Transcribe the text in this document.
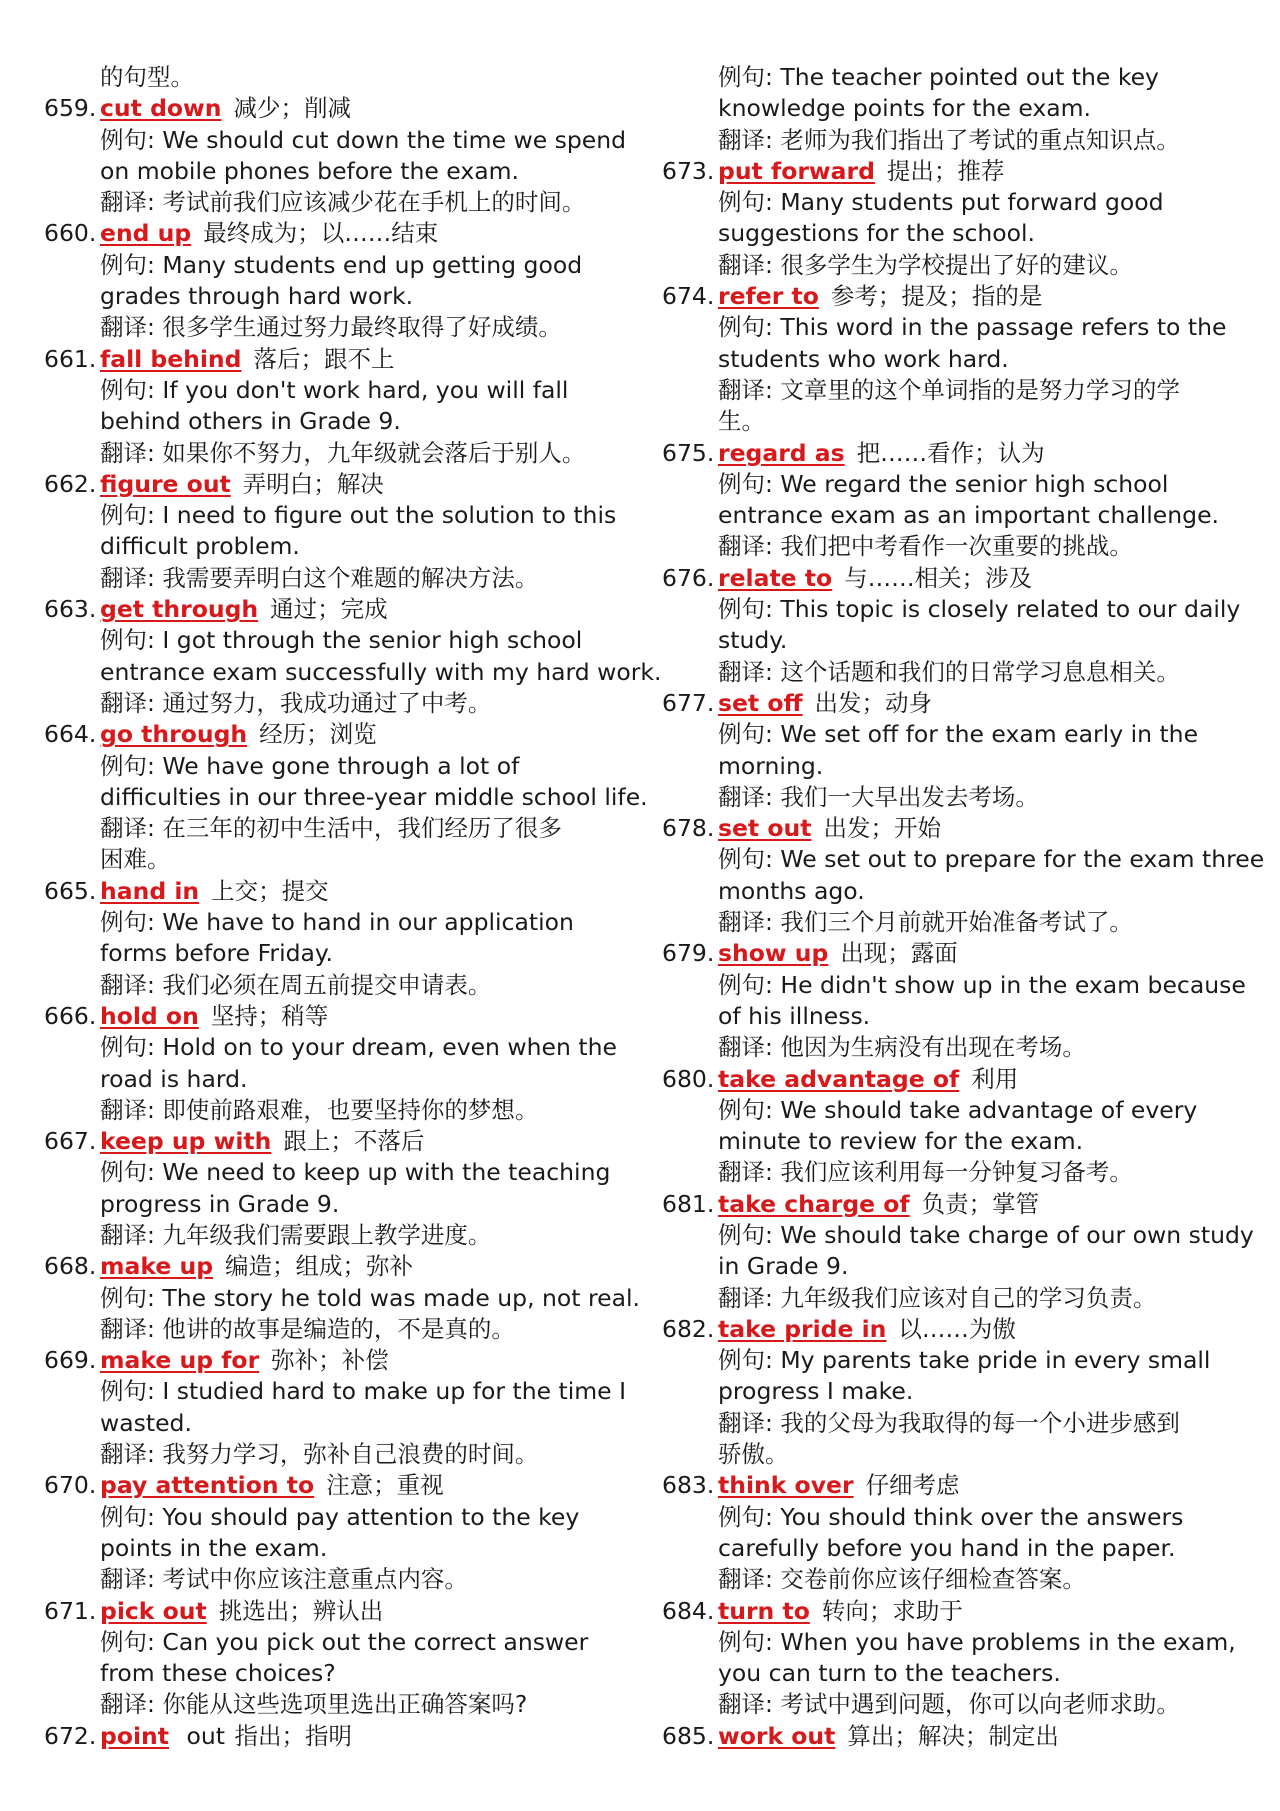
的句型。
659. cut down 减少；削减
例句: We should cut down the time we spend
on mobile phones before the exam.
翻译: 考试前我们应该减少花在手机上的时间。
660. end up 最终成为；以……结束
例句: Many students end up getting good
grades through hard work.
翻译: 很多学生通过努力最终取得了好成绩。
661. fall behind 落后；跟不上
例句: If you don't work hard, you will fall
behind others in Grade 9.
翻译: 如果你不努力，九年级就会落后于别人。
662. figure out 弄明白；解决
例句: I need to figure out the solution to this
difficult problem.
翻译: 我需要弄明白这个难题的解决方法。
663. get through 通过；完成
例句: I got through the senior high school
entrance exam successfully with my hard work.
翻译: 通过努力，我成功通过了中考。
664. go through 经历；浏览
例句: We have gone through a lot of
difficulties in our three-year middle school life.
翻译: 在三年的初中生活中，我们经历了很多
困难。
665. hand in 上交；提交
例句: We have to hand in our application
forms before Friday.
翻译: 我们必须在周五前提交申请表。
666. hold on 坚持；稍等
例句: Hold on to your dream, even when the
road is hard.
翻译: 即使前路艰难，也要坚持你的梦想。
667. keep up with 跟上；不落后
例句: We need to keep up with the teaching
progress in Grade 9.
翻译: 九年级我们需要跟上教学进度。
668. make up 编造；组成；弥补
例句: The story he told was made up, not real.
翻译: 他讲的故事是编造的，不是真的。
669. make up for 弥补；补偿
例句: I studied hard to make up for the time I
wasted.
翻译: 我努力学习，弥补自己浪费的时间。
670. pay attention to 注意；重视
例句: You should pay attention to the key
points in the exam.
翻译: 考试中你应该注意重点内容。
671. pick out 挑选出；辨认出
例句: Can you pick out the correct answer
from these choices?
翻译: 你能从这些选项里选出正确答案吗?
672. point out 指出；指明
例句: The teacher pointed out the key
knowledge points for the exam.
翻译: 老师为我们指出了考试的重点知识点。
673. put forward 提出；推荐
例句: Many students put forward good
suggestions for the school.
翻译: 很多学生为学校提出了好的建议。
674. refer to 参考；提及；指的是
例句: This word in the passage refers to the
students who work hard.
翻译: 文章里的这个单词指的是努力学习的学
生。
675. regard as 把……看作；认为
例句: We regard the senior high school
entrance exam as an important challenge.
翻译: 我们把中考看作一次重要的挑战。
676. relate to 与……相关；涉及
例句: This topic is closely related to our daily
study.
翻译: 这个话题和我们的日常学习息息相关。
677. set off 出发；动身
例句: We set off for the exam early in the
morning.
翻译: 我们一大早出发去考场。
678. set out 出发；开始
例句: We set out to prepare for the exam three
months ago.
翻译: 我们三个月前就开始准备考试了。
679. show up 出现；露面
例句: He didn't show up in the exam because
of his illness.
翻译: 他因为生病没有出现在考场。
680. take advantage of 利用
例句: We should take advantage of every
minute to review for the exam.
翻译: 我们应该利用每一分钟复习备考。
681. take charge of 负责；掌管
例句: We should take charge of our own study
in Grade 9.
翻译: 九年级我们应该对自己的学习负责。
682. take pride in 以……为傲
例句: My parents take pride in every small
progress I make.
翻译: 我的父母为我取得的每一个小进步感到
骄傲。
683. think over 仔细考虑
例句: You should think over the answers
carefully before you hand in the paper.
翻译: 交卷前你应该仔细检查答案。
684. turn to 转向；求助于
例句: When you have problems in the exam,
you can turn to the teachers.
翻译: 考试中遇到问题，你可以向老师求助。
685. work out 算出；解决；制定出
